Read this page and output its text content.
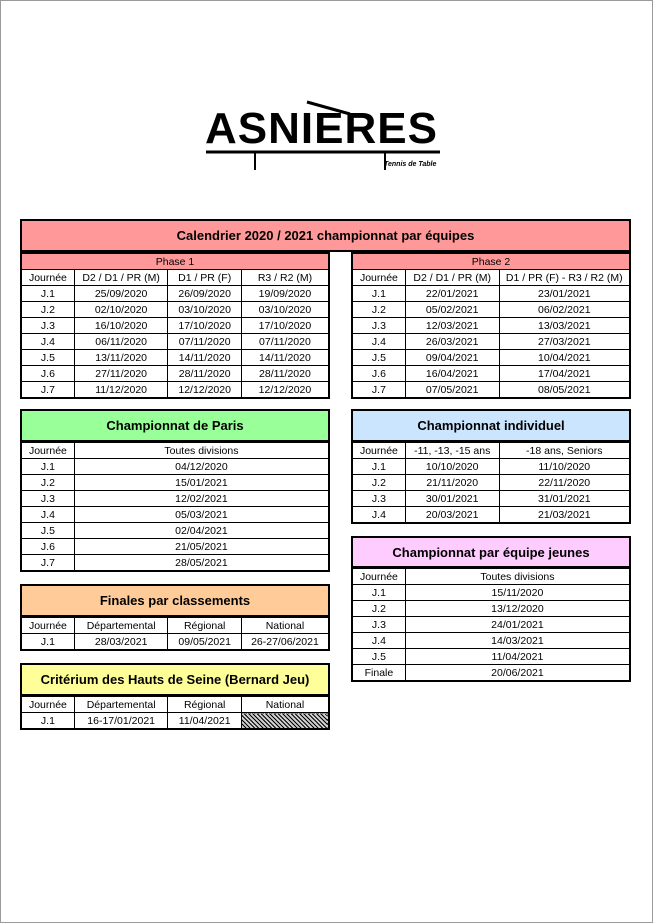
ASNIERES
Tennis de Table
Calendrier 2020 / 2021 championnat par équipes
Phase 1			
Journée	D2 / D1 / PR (M)	D1 / PR (F)	R3 / R2 (M)
J.1	25/09/2020	26/09/2020	19/09/2020
J.2	02/10/2020	03/10/2020	03/10/2020
J.3	16/10/2020	17/10/2020	17/10/2020
J.4	06/11/2020	07/11/2020	07/11/2020
J.5	13/11/2020	14/11/2020	14/11/2020
J.6	27/11/2020	28/11/2020	28/11/2020
J.7	11/12/2020	12/12/2020	12/12/2020
Phase 2		
Journée	D2 / D1 / PR (M)	D1 / PR (F) - R3 / R2 (M)
J.1	22/01/2021	23/01/2021
J.2	05/02/2021	06/02/2021
J.3	12/03/2021	13/03/2021
J.4	26/03/2021	27/03/2021
J.5	09/04/2021	10/04/2021
J.6	16/04/2021	17/04/2021
J.7	07/05/2021	08/05/2021
Championnat de Paris
Journée	Toutes divisions
J.1	04/12/2020
J.2	15/01/2021
J.3	12/02/2021
J.4	05/03/2021
J.5	02/04/2021
J.6	21/05/2021
J.7	28/05/2021
Championnat individuel
Journée	-11, -13, -15 ans	-18 ans, Seniors
J.1	10/10/2020	11/10/2020
J.2	21/11/2020	22/11/2020
J.3	30/01/2021	31/01/2021
J.4	20/03/2021	21/03/2021
Championnat par équipe jeunes
Journée	Toutes divisions
J.1	15/11/2020
J.2	13/12/2020
J.3	24/01/2021
J.4	14/03/2021
J.5	11/04/2021
Finale	20/06/2021
Finales par classements
Journée	Départemental	Régional	National
J.1	28/03/2021	09/05/2021	26-27/06/2021
Critérium des Hauts de Seine (Bernard Jeu)
Journée	Départemental	Régional	National
J.1	16-17/01/2021	11/04/2021	
